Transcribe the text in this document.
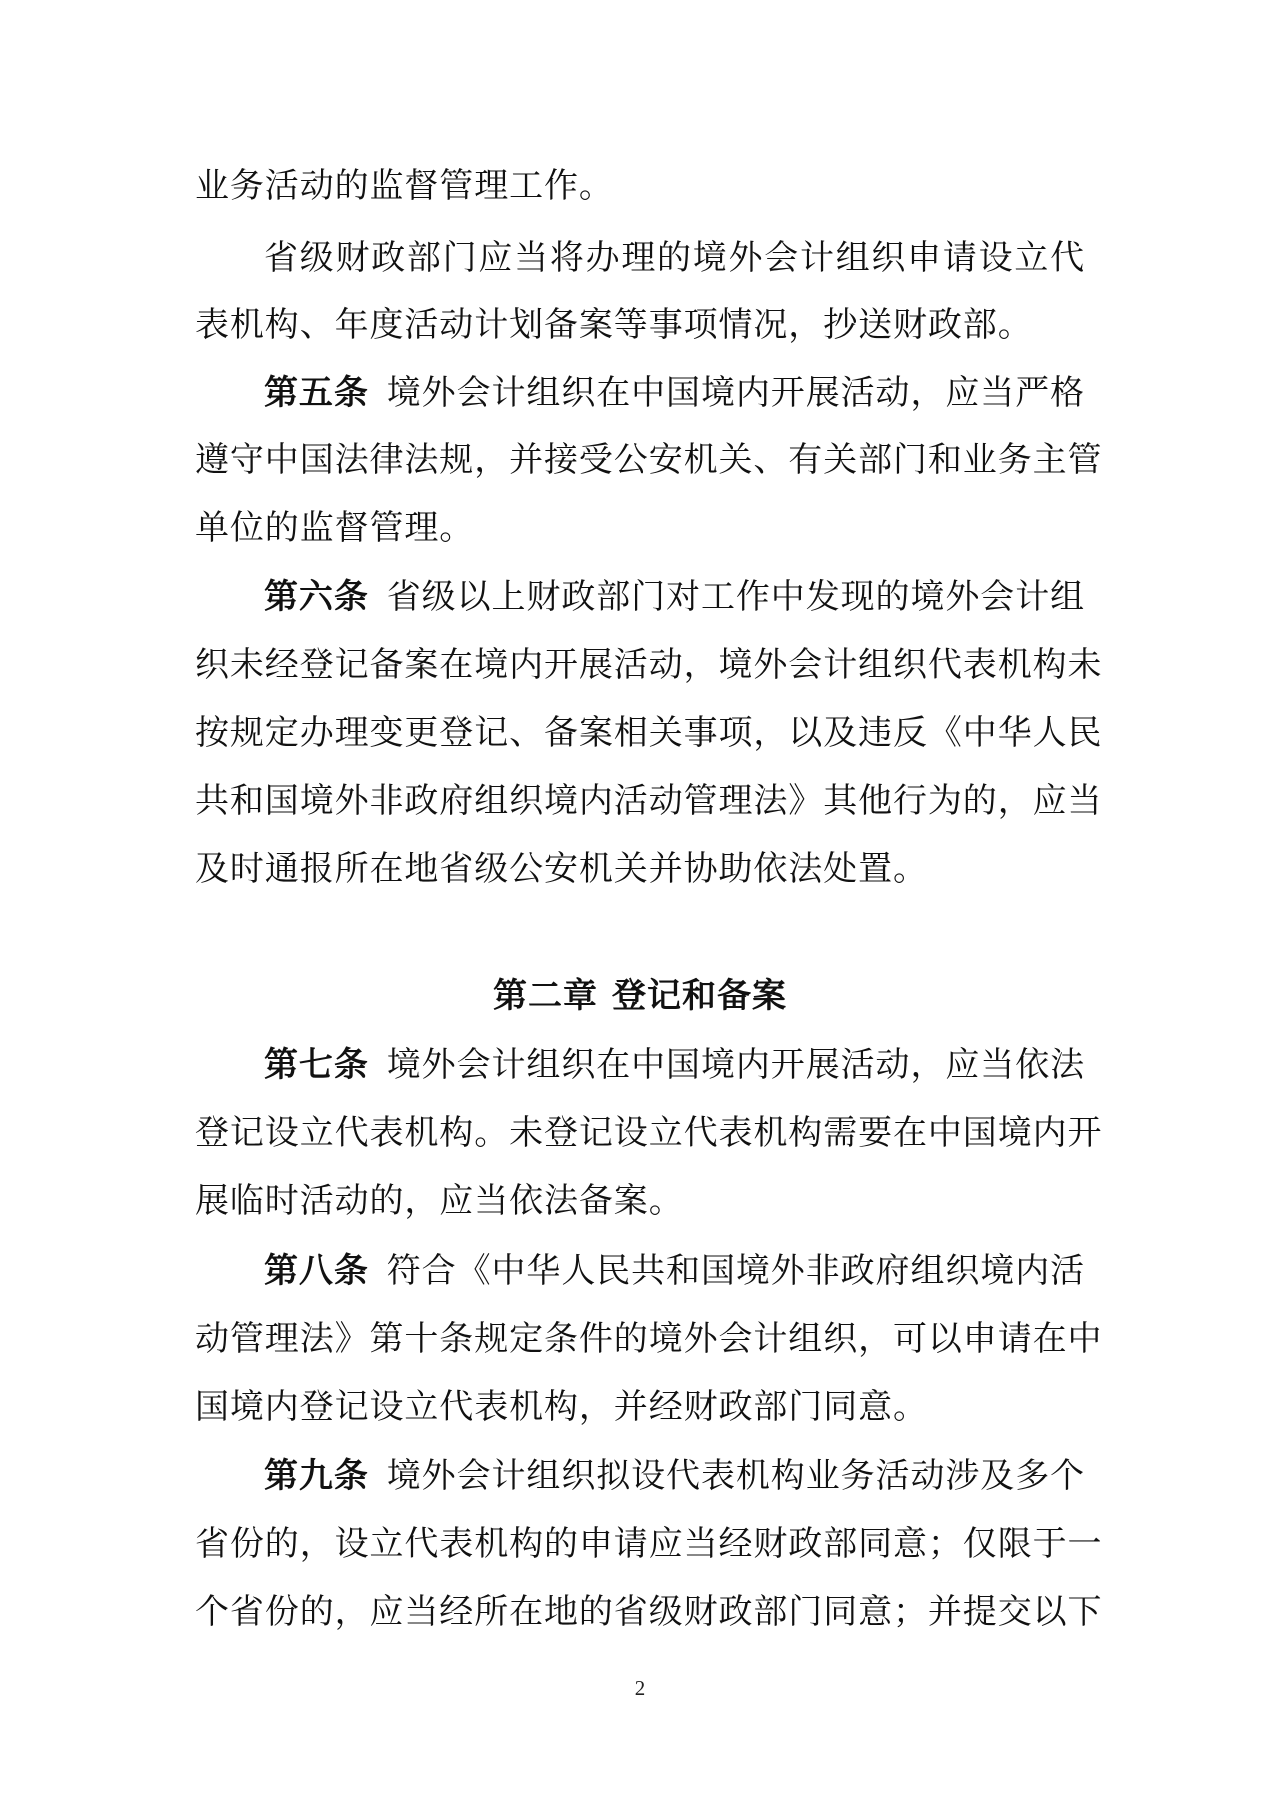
业务活动的监督管理工作。
省级财政部门应当将办理的境外会计组织申请设立代
表机构、年度活动计划备案等事项情况，抄送财政部。
第五条 境外会计组织在中国境内开展活动，应当严格
遵守中国法律法规，并接受公安机关、有关部门和业务主管
单位的监督管理。
第六条 省级以上财政部门对工作中发现的境外会计组
织未经登记备案在境内开展活动，境外会计组织代表机构未
按规定办理变更登记、备案相关事项，以及违反《中华人民
共和国境外非政府组织境内活动管理法》其他行为的，应当
及时通报所在地省级公安机关并协助依法处置。
第二章 登记和备案
第七条 境外会计组织在中国境内开展活动，应当依法
登记设立代表机构。未登记设立代表机构需要在中国境内开
展临时活动的，应当依法备案。
第八条 符合《中华人民共和国境外非政府组织境内活
动管理法》第十条规定条件的境外会计组织，可以申请在中
国境内登记设立代表机构，并经财政部门同意。
第九条 境外会计组织拟设代表机构业务活动涉及多个
省份的，设立代表机构的申请应当经财政部同意；仅限于一
个省份的，应当经所在地的省级财政部门同意；并提交以下
2
